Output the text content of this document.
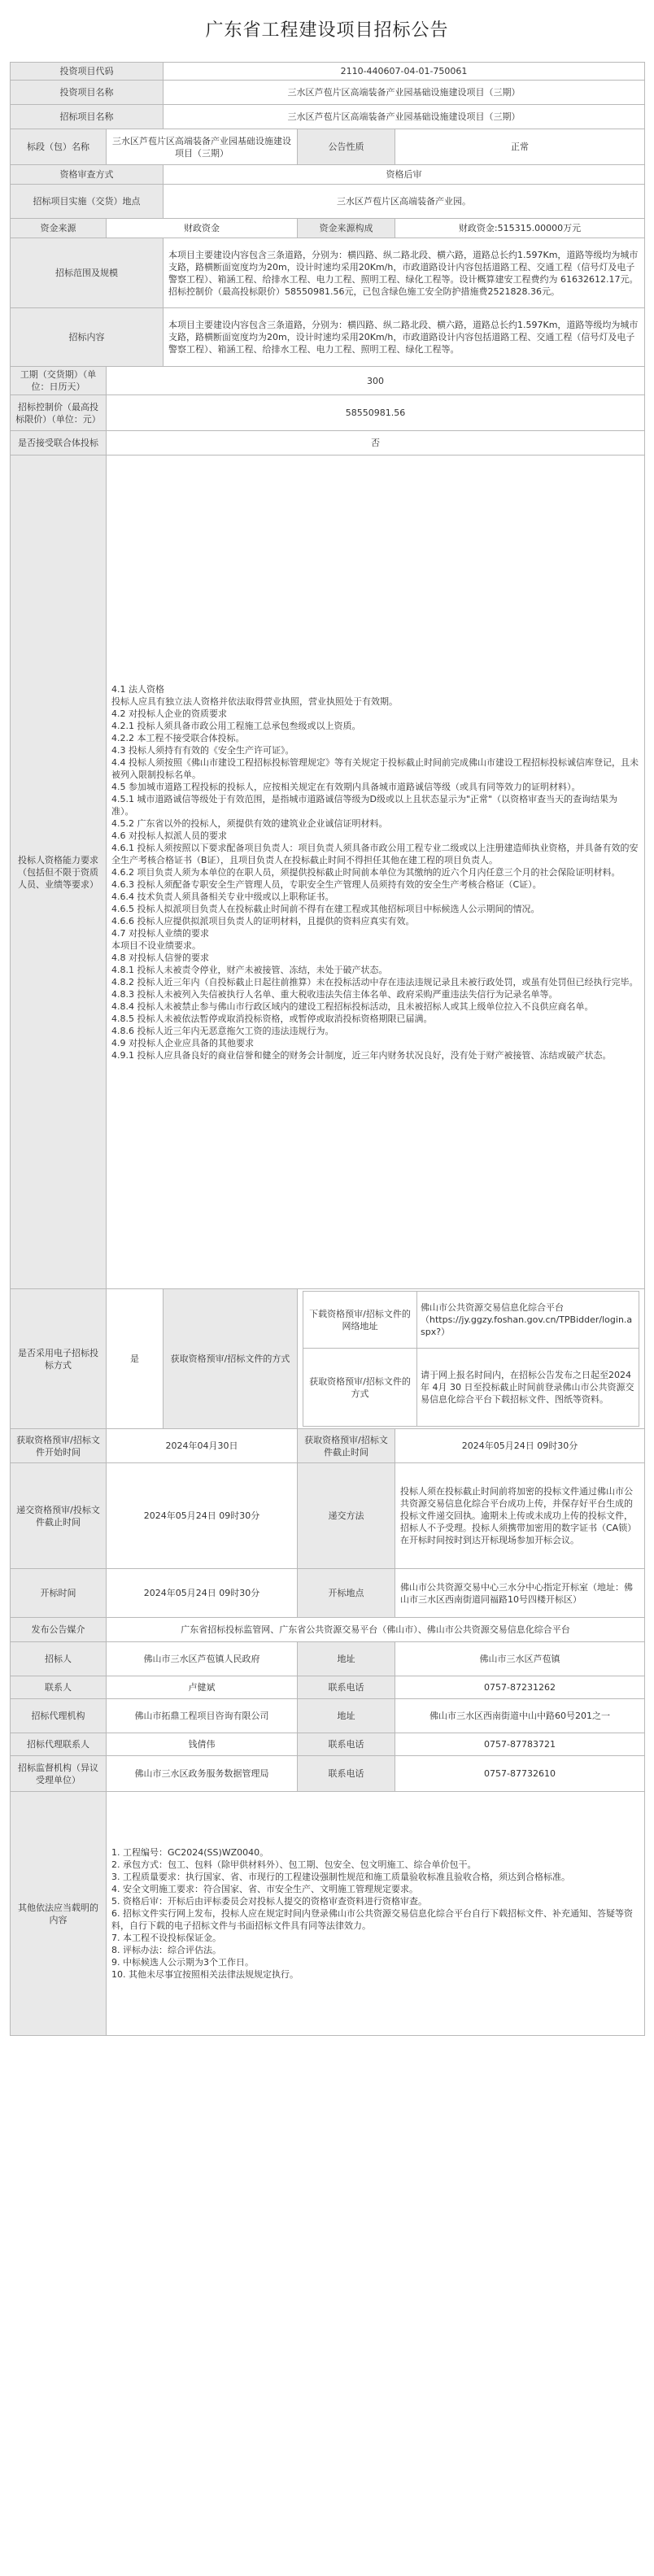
广东省工程建设项目招标公告
投资项目代码	2110-440607-04-01-750061
投资项目名称	三水区芦苞片区高端装备产业园基础设施建设项目（三期）
招标项目名称	三水区芦苞片区高端装备产业园基础设施建设项目（三期）
标段（包）名称	三水区芦苞片区高端装备产业园基础设施建设项目（三期）	公告性质	正常
资格审查方式	资格后审
招标项目实施（交货）地点	三水区芦苞片区高端装备产业园。
资金来源	财政资金	资金来源构成	财政资金:515315.00000万元
招标范围及规模	本项目主要建设内容包含三条道路，分别为：横四路、纵二路北段、横六路，道路总长约1.597Km，道路等级均为城市支路，路横断面宽度均为20m，设计时速均采用20Km/h，市政道路设计内容包括道路工程、交通工程（信号灯及电子警察工程）、箱涵工程、给排水工程、电力工程、照明工程、绿化工程等。设计概算建安工程费约为 61632612.17元。招标控制价（最高投标限价）58550981.56元，已包含绿色施工安全防护措施费2521828.36元。
招标内容	本项目主要建设内容包含三条道路，分别为：横四路、纵二路北段、横六路，道路总长约1.597Km，道路等级均为城市支路，路横断面宽度均为20m，设计时速均采用20Km/h，市政道路设计内容包括道路工程、交通工程（信号灯及电子警察工程）、箱涵工程、给排水工程、电力工程、照明工程、绿化工程等。
工期（交货期）（单位：日历天）	300
招标控制价（最高投标限价）（单位：元）	58550981.56
是否接受联合体投标	否
投标人资格能力要求（包括但不限于资质人员、业绩等要求）	4.1 法人资格
投标人应具有独立法人资格并依法取得营业执照，营业执照处于有效期。
4.2 对投标人企业的资质要求
4.2.1 投标人须具备市政公用工程施工总承包叁级或以上资质。
4.2.2 本工程不接受联合体投标。
4.3 投标人须持有有效的《安全生产许可证》。
4.4 投标人须按照《佛山市建设工程招标投标管理规定》等有关规定于投标截止时间前完成佛山市建设工程招标投标诚信库登记，且未被列入限制投标名单。
4.5 参加城市道路工程投标的投标人，应按相关规定在有效期内具备城市道路诚信等级（或具有同等效力的证明材料）。
4.5.1 城市道路诚信等级处于有效范围，是指城市道路诚信等级为D级或以上且状态显示为"正常"（以资格审查当天的查询结果为准）。
4.5.2 广东省以外的投标人，须提供有效的建筑业企业诚信证明材料。
4.6 对投标人拟派人员的要求
4.6.1 投标人须按照以下要求配备项目负责人：项目负责人须具备市政公用工程专业二级或以上注册建造师执业资格，并具备有效的安全生产考核合格证书（B证），且项目负责人在投标截止时间不得担任其他在建工程的项目负责人。
4.6.2 项目负责人须为本单位的在职人员，须提供投标截止时间前本单位为其缴纳的近六个月内任意三个月的社会保险证明材料。
4.6.3 投标人须配备专职安全生产管理人员，专职安全生产管理人员须持有效的安全生产考核合格证（C证）。
4.6.4 技术负责人须具备相关专业中级或以上职称证书。
4.6.5 投标人拟派项目负责人在投标截止时间前不得有在建工程或其他招标项目中标候选人公示期间的情况。
4.6.6 投标人应提供拟派项目负责人的证明材料，且提供的资料应真实有效。
4.7 对投标人业绩的要求
本项目不设业绩要求。
4.8 对投标人信誉的要求
4.8.1 投标人未被责令停业，财产未被接管、冻结，未处于破产状态。
4.8.2 投标人近三年内（自投标截止日起往前推算）未在投标活动中存在违法违规记录且未被行政处罚，或虽有处罚但已经执行完毕。
4.8.3 投标人未被列入失信被执行人名单、重大税收违法失信主体名单、政府采购严重违法失信行为记录名单等。
4.8.4 投标人未被禁止参与佛山市行政区域内的建设工程招标投标活动，且未被招标人或其上级单位拉入不良供应商名单。
4.8.5 投标人未被依法暂停或取消投标资格，或暂停或取消投标资格期限已届满。
4.8.6 投标人近三年内无恶意拖欠工资的违法违规行为。
4.9 对投标人企业应具备的其他要求
4.9.1 投标人应具备良好的商业信誉和健全的财务会计制度，近三年内财务状况良好，没有处于财产被接管、冻结或破产状态。
是否采用电子招标投标方式	是	获取资格预审/招标文件的方式	
下载资格预审/招标文件的网络地址	佛山市公共资源交易信息化综合平台（https://jy.ggzy.foshan.gov.cn/TPBidder/login.aspx?）
获取资格预审/招标文件的方式	请于网上报名时间内，在招标公告发布之日起至2024年 4月 30 日至投标截止时间前登录佛山市公共资源交易信息化综合平台下载招标文件、图纸等资料。

获取资格预审/招标文件开始时间	2024年04月30日	获取资格预审/招标文件截止时间	2024年05月24日 09时30分
递交资格预审/投标文件截止时间	2024年05月24日 09时30分	递交方法	投标人须在投标截止时间前将加密的投标文件通过佛山市公共资源交易信息化综合平台成功上传，并保存好平台生成的投标文件递交回执。逾期未上传或未成功上传的投标文件，招标人不予受理。投标人须携带加密用的数字证书（CA锁）在开标时间按时到达开标现场参加开标会议。
开标时间	2024年05月24日 09时30分	开标地点	佛山市公共资源交易中心三水分中心指定开标室（地址：佛山市三水区西南街道同福路10号四楼开标区）
发布公告媒介	广东省招标投标监管网、广东省公共资源交易平台（佛山市）、佛山市公共资源交易信息化综合平台
招标人	佛山市三水区芦苞镇人民政府	地址	佛山市三水区芦苞镇
联系人	卢健斌	联系电话	0757-87231262
招标代理机构	佛山市拓鼎工程项目咨询有限公司	地址	佛山市三水区西南街道中山中路60号201之一
招标代理联系人	钱倩伟	联系电话	0757-87783721
招标监督机构（异议受理单位）	佛山市三水区政务服务数据管理局	联系电话	0757-87732610
其他依法应当载明的内容	1. 工程编号：GC2024(SS)WZ0040。
2. 承包方式：包工、包料（除甲供材料外）、包工期、包安全、包文明施工、综合单价包干。
3. 工程质量要求：执行国家、省、市现行的工程建设强制性规范和施工质量验收标准且验收合格，须达到合格标准。
4. 安全文明施工要求：符合国家、省、市安全生产、文明施工管理规定要求。
5. 资格后审：开标后由评标委员会对投标人提交的资格审查资料进行资格审查。
6. 招标文件实行网上发布，投标人应在规定时间内登录佛山市公共资源交易信息化综合平台自行下载招标文件、补充通知、答疑等资料，自行下载的电子招标文件与书面招标文件具有同等法律效力。
7. 本工程不设投标保证金。
8. 评标办法：综合评估法。
9. 中标候选人公示期为3个工作日。
10. 其他未尽事宜按照相关法律法规规定执行。
